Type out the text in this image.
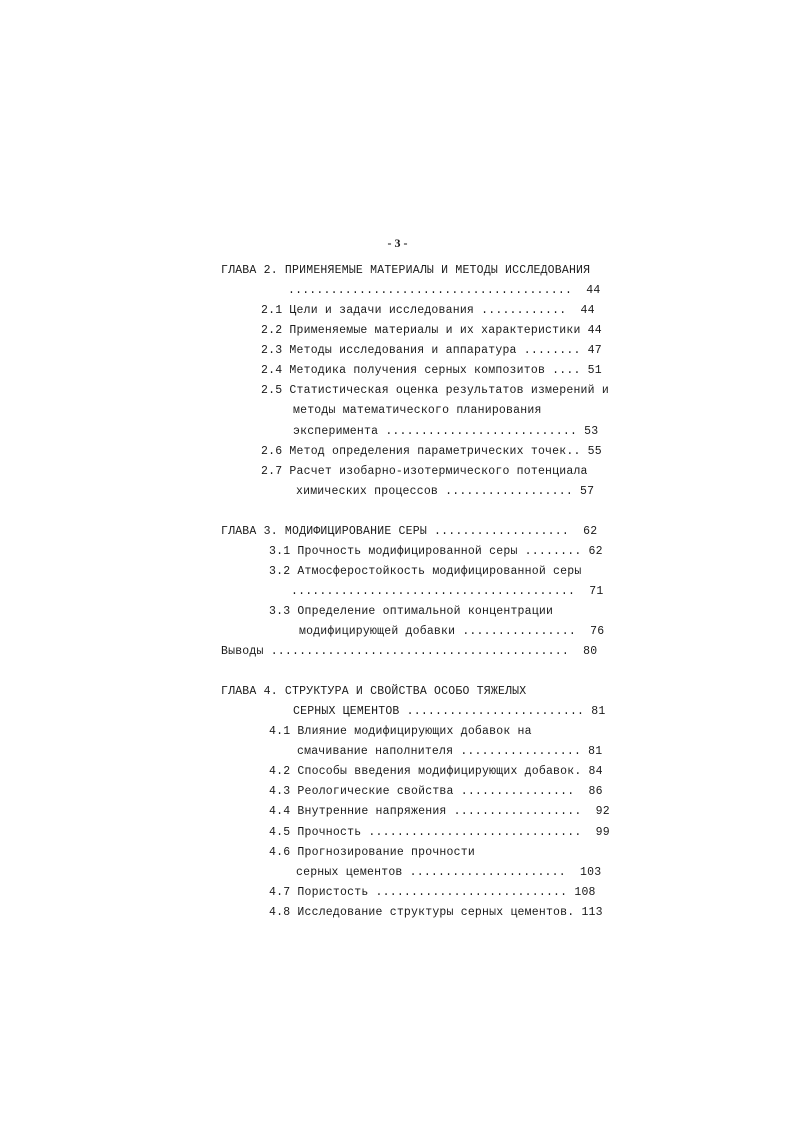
- 3 -
ГЛАВА 2. ПРИМЕНЯЕМЫЕ МАТЕРИАЛЫ И МЕТОДЫ ИССЛЕДОВАНИЯ
........................................  44
2.1 Цели и задачи исследования ............  44
2.2 Применяемые материалы и их характеристики 44
2.3 Методы исследования и аппаратура ........ 47
2.4 Методика получения серных композитов .... 51
2.5 Статистическая оценка результатов измерений и
методы математического планирования
эксперимента ........................... 53
2.6 Метод определения параметрических точек.. 55
2.7 Расчет изобарно-изотермического потенциала
химических процессов .................. 57
ГЛАВА 3. МОДИФИЦИРОВАНИЕ СЕРЫ ...................  62
3.1 Прочность модифицированной серы ........ 62
3.2 Атмосферостойкость модифицированной серы
........................................  71
3.3 Определение оптимальной концентрации
модифицирующей добавки ................  76
Выводы ..........................................  80
ГЛАВА 4. СТРУКТУРА И СВОЙСТВА ОСОБО ТЯЖЕЛЫХ
СЕРНЫХ ЦЕМЕНТОВ ......................... 81
4.1 Влияние модифицирующих добавок на
смачивание наполнителя ................. 81
4.2 Способы введения модифицирующих добавок. 84
4.3 Реологические свойства ................  86
4.4 Внутренние напряжения ..................  92
4.5 Прочность ..............................  99
4.6 Прогнозирование прочности
серных цементов ......................  103
4.7 Пористость ........................... 108
4.8 Исследование структуры серных цементов. 113
